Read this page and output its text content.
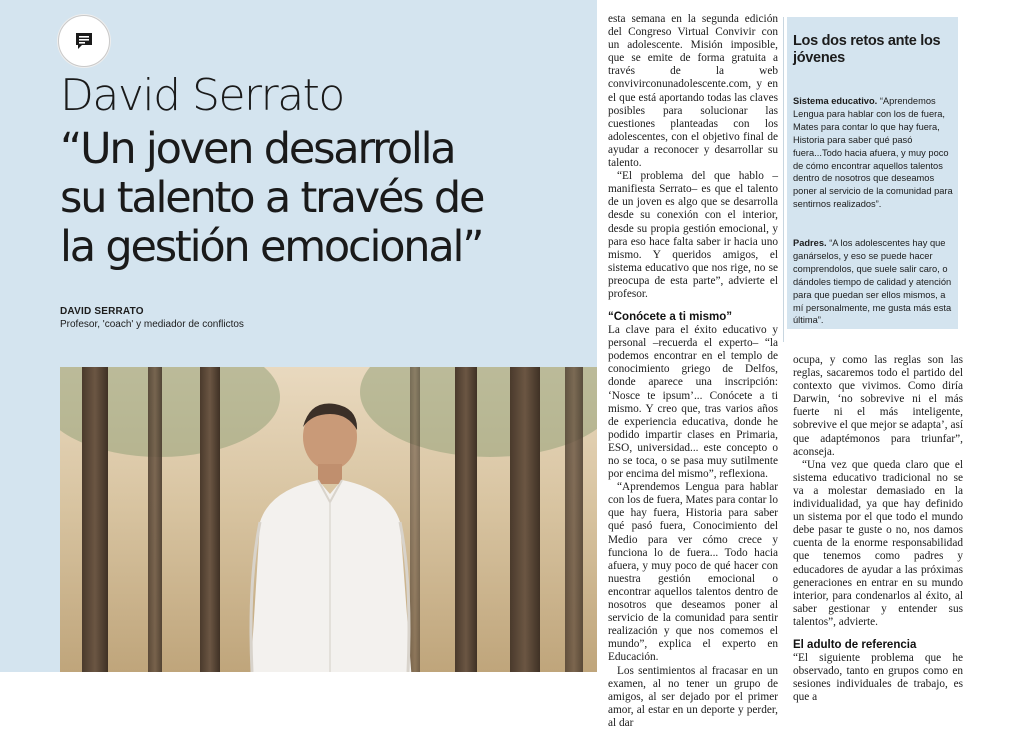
David Serrato
“Un joven desarrolla
su talento a través de
la gestión emocional”
DAVID SERRATO
Profesor, 'coach' y mediador de conflictos

esta semana en la segunda edición del Congreso Virtual Convivir con un adolescente. Misión imposible, que se emite de forma gratuita a través de la web convivirconunadolescente.com, y en el que está aportando todas las claves posibles para solucionar las cuestiones planteadas con los adolescentes, con el objetivo final de ayudar a reconocer y desarrollar su talento.

“El problema del que hablo –manifiesta Serrato– es que el talento de un joven es algo que se desarrolla desde su conexión con el interior, desde su propia gestión emocional, y para eso hace falta saber ir hacia uno mismo. Y queridos amigos, el sistema educativo que nos rige, no se preocupa de esta parte”, advierte el profesor.

“Conócete a ti mismo”

La clave para el éxito educativo y personal –recuerda el experto– “la podemos encontrar en el templo de conocimiento griego de Delfos, donde aparece una inscripción: ‘Nosce te ipsum’... Conócete a ti mismo. Y creo que, tras varios años de experiencia educativa, donde he podido impartir clases en Primaria, ESO, universidad... este concepto o no se toca, o se pasa muy sutilmente por encima del mismo”, reflexiona.

“Aprendemos Lengua para hablar con los de fuera, Mates para contar lo que hay fuera, Historia para saber qué pasó fuera, Conocimiento del Medio para ver cómo crece y funciona lo de fuera... Todo hacia afuera, y muy poco de qué hacer con nuestra gestión emocional o encontrar aquellos talentos dentro de nosotros que deseamos poner al servicio de la comunidad para sentir realización y que nos comemos el mundo”, explica el experto en Educación.

Los sentimientos al fracasar en un examen, al no tener un grupo de amigos, al ser dejado por el primer amor, al estar en un deporte y perder, al dar

Los dos retos ante los jóvenes
Sistema educativo. “Aprendemos Lengua para hablar con los de fuera, Mates para contar lo que hay fuera, Historia para saber qué pasó fuera...Todo hacia afuera, y muy poco de cómo encontrar aquellos talentos dentro de nosotros que deseamos poner al servicio de la comunidad para sentirnos realizados”.
Padres. “A los adolescentes hay que ganárselos, y eso se puede hacer comprendolos, que suele salir caro, o dándoles tiempo de calidad y atención para que puedan ser ellos mismos, a mí personalmente, me gusta más esta última”.

ocupa, y como las reglas son las reglas, sacaremos todo el partido del contexto que vivimos. Como diría Darwin, ‘no sobrevive ni el más fuerte ni el más inteligente, sobrevive el que mejor se adapta’, así que adaptémonos para triunfar”, aconseja.

“Una vez que queda claro que el sistema educativo tradicional no se va a molestar demasiado en la individualidad, ya que hay definido un sistema por el que todo el mundo debe pasar te guste o no, nos damos cuenta de la enorme responsabilidad que tenemos como padres y educadores de ayudar a las próximas generaciones en entrar en su mundo interior, para condenarlos al éxito, al saber gestionar y entender sus talentos”, advierte.

El adulto de referencia

“El siguiente problema que he observado, tanto en grupos como en sesiones individuales de trabajo, es que a
